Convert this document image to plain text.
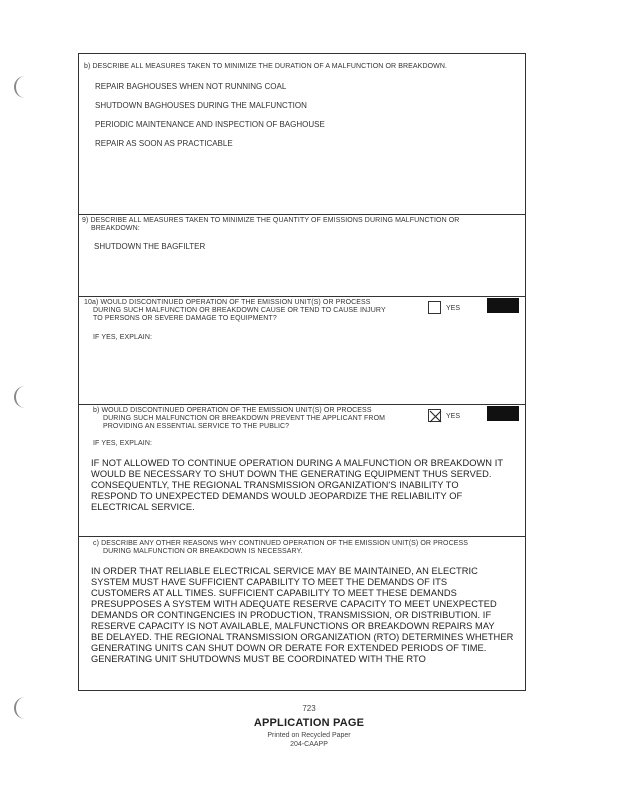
b) DESCRIBE ALL MEASURES TAKEN TO MINIMIZE THE DURATION OF A MALFUNCTION OR BREAKDOWN.
REPAIR BAGHOUSES WHEN NOT RUNNING COAL
SHUTDOWN BAGHOUSES DURING THE MALFUNCTION
PERIODIC MAINTENANCE AND INSPECTION OF BAGHOUSE
REPAIR AS SOON AS PRACTICABLE
9) DESCRIBE ALL MEASURES TAKEN TO MINIMIZE THE QUANTITY OF EMISSIONS DURING MALFUNCTION OR
BREAKDOWN:
SHUTDOWN THE BAGFILTER
10a) WOULD DISCONTINUED OPERATION OF THE EMISSION UNIT(S) OR PROCESS
DURING SUCH MALFUNCTION OR BREAKDOWN CAUSE OR TEND TO CAUSE INJURY
TO PERSONS OR SEVERE DAMAGE TO EQUIPMENT?
YES
IF YES, EXPLAIN:
b) WOULD DISCONTINUED OPERATION OF THE EMISSION UNIT(S) OR PROCESS
DURING SUCH MALFUNCTION OR BREAKDOWN PREVENT THE APPLICANT FROM
PROVIDING AN ESSENTIAL SERVICE TO THE PUBLIC?
YES
IF YES, EXPLAIN:
IF NOT ALLOWED TO CONTINUE OPERATION DURING A MALFUNCTION OR BREAKDOWN IT
WOULD BE NECESSARY TO SHUT DOWN THE GENERATING EQUIPMENT THUS SERVED.
CONSEQUENTLY, THE REGIONAL TRANSMISSION ORGANIZATION'S INABILITY TO
RESPOND TO UNEXPECTED DEMANDS WOULD JEOPARDIZE THE RELIABILITY OF
ELECTRICAL SERVICE.
c) DESCRIBE ANY OTHER REASONS WHY CONTINUED OPERATION OF THE EMISSION UNIT(S) OR PROCESS
DURING MALFUNCTION OR BREAKDOWN IS NECESSARY.
IN ORDER THAT RELIABLE ELECTRICAL SERVICE MAY BE MAINTAINED, AN ELECTRIC
SYSTEM MUST HAVE SUFFICIENT CAPABILITY TO MEET THE DEMANDS OF ITS
CUSTOMERS AT ALL TIMES. SUFFICIENT CAPABILITY TO MEET THESE DEMANDS
PRESUPPOSES A SYSTEM WITH ADEQUATE RESERVE CAPACITY TO MEET UNEXPECTED
DEMANDS OR CONTINGENCIES IN PRODUCTION, TRANSMISSION, OR DISTRIBUTION. IF
RESERVE CAPACITY IS NOT AVAILABLE, MALFUNCTIONS OR BREAKDOWN REPAIRS MAY
BE DELAYED. THE REGIONAL TRANSMISSION ORGANIZATION (RTO) DETERMINES WHETHER
GENERATING UNITS CAN SHUT DOWN OR DERATE FOR EXTENDED PERIODS OF TIME.
GENERATING UNIT SHUTDOWNS MUST BE COORDINATED WITH THE RTO
723
APPLICATION PAGE
Printed on Recycled Paper
204-CAAPP
